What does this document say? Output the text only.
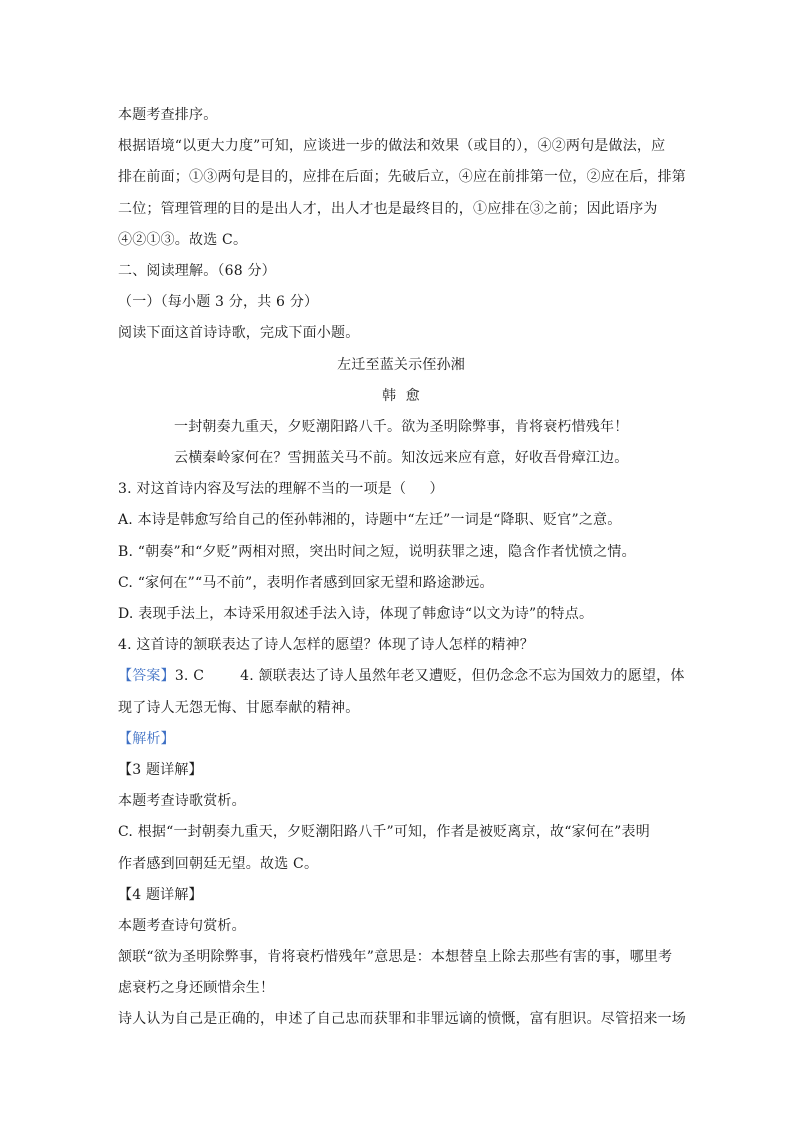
本题考查排序。
根据语境“以更大力度”可知，应谈进一步的做法和效果（或目的），④②两句是做法，应
排在前面；①③两句是目的，应排在后面；先破后立，④应在前排第一位，②应在后，排第
二位；管理管理的目的是出人才，出人才也是最终目的，①应排在③之前；因此语序为
④②①③。故选 C。
二、阅读理解。（68 分）
（一）（每小题 3 分，共 6 分）
阅读下面这首诗诗歌，完成下面小题。
左迁至蓝关示侄孙湘
韩  愈
一封朝奏九重天，夕贬潮阳路八千。欲为圣明除弊事，肯将衰朽惜残年！
云横秦岭家何在？雪拥蓝关马不前。知汝远来应有意，好收吾骨瘴江边。
3. 对这首诗内容及写法的理解不当的一项是（     ）
A. 本诗是韩愈写给自己的侄孙韩湘的，诗题中“左迁”一词是“降职、贬官”之意。
B. “朝奏”和“夕贬”两相对照，突出时间之短，说明获罪之速，隐含作者忧愤之情。
C. “家何在”“马不前”，表明作者感到回家无望和路途渺远。
D. 表现手法上，本诗采用叙述手法入诗，体现了韩愈诗“以文为诗”的特点。
4. 这首诗的颔联表达了诗人怎样的愿望？体现了诗人怎样的精神？
【答案】3. C	4. 颔联表达了诗人虽然年老又遭贬，但仍念念不忘为国效力的愿望，体
现了诗人无怨无悔、甘愿奉献的精神。
【解析】
【3 题详解】
本题考查诗歌赏析。
C. 根据“一封朝奏九重天，夕贬潮阳路八千”可知，作者是被贬离京，故“家何在”表明
作者感到回朝廷无望。故选 C。
【4 题详解】
本题考查诗句赏析。
颔联“欲为圣明除弊事，肯将衰朽惜残年”意思是：本想替皇上除去那些有害的事，哪里考
虑衰朽之身还顾惜余生！
诗人认为自己是正确的，申述了自己忠而获罪和非罪远谪的愤慨，富有胆识。尽管招来一场
